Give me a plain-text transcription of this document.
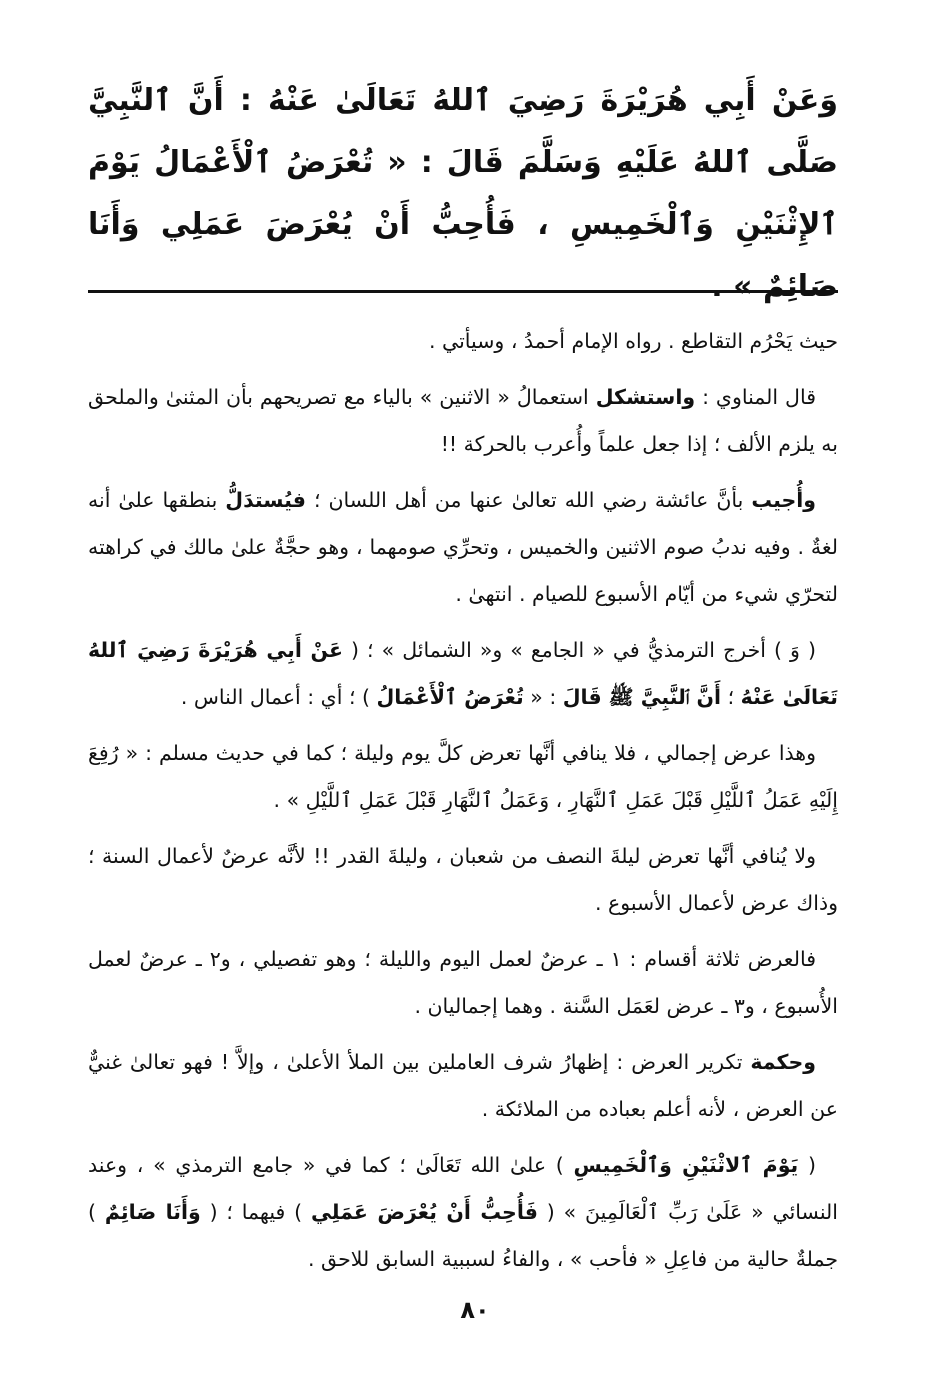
وَعَنْ أَبِي هُرَيْرَةَ رَضِيَ ٱللهُ تَعَالَىٰ عَنْهُ : أَنَّ ٱلنَّبِيَّ صَلَّى ٱللهُ عَلَيْهِ وَسَلَّمَ قَالَ : « تُعْرَضُ ٱلْأَعْمَالُ يَوْمَ ٱلإِثْنَيْنِ وَٱلْخَمِيسِ ، فَأُحِبُّ أَنْ يُعْرَضَ عَمَلِي وَأَنَا صَائِمٌ » .

حيث يَحْرُم التقاطع . رواه الإمام أحمدُ ، وسيأتي .

قال المناوي : واستشكل استعمالُ « الاثنين » بالياء مع تصريحهم بأن المثنىٰ والملحق به يلزم الألف ؛ إذا جعل علماً وأُعرب بالحركة !!

وأُجيب بأنَّ عائشة رضي الله تعالىٰ عنها من أهل اللسان ؛ فيُستدَلُّ بنطقها علىٰ أنه لغةٌ . وفيه ندبُ صوم الاثنين والخميس ، وتحرِّي صومهما ، وهو حجَّةٌ علىٰ مالك في كراهته لتحرّي شيء من أيّام الأسبوع للصيام . انتهىٰ .

( وَ ) أخرج الترمذيُّ في « الجامع » و« الشمائل » ؛ ( عَنْ أَبِي هُرَيْرَةَ رَضِيَ ٱللهُ تَعَالَىٰ عَنْهُ ؛ أَنَّ ٱلنَّبِيَّ ﷺ قَالَ : « تُعْرَضُ ٱلْأَعْمَالُ ) ؛ أي : أعمال الناس .

وهذا عرض إجمالي ، فلا ينافي أنَّها تعرض كلَّ يوم وليلة ؛ كما في حديث مسلم : « رُفِعَ إِلَيْهِ عَمَلُ ٱللَّيْلِ قَبْلَ عَمَلِ ٱلنَّهَارِ ، وَعَمَلُ ٱلنَّهَارِ قَبْلَ عَمَلِ ٱللَّيْلِ » .

ولا يُنافي أنَّها تعرض ليلةَ النصف من شعبان ، وليلةَ القدر !! لأنَّه عرضٌ لأعمال السنة ؛ وذاك عرض لأعمال الأسبوع .

فالعرض ثلاثة أقسام : ١ ـ عرضٌ لعمل اليوم والليلة ؛ وهو تفصيلي ، و٢ ـ عرضٌ لعمل الأُسبوع ، و٣ ـ عرض لعَمَل السَّنة . وهما إجماليان .

وحكمة تكرير العرض : إظهارُ شرف العاملين بين الملأ الأعلىٰ ، وإلاَّ ! فهو تعالىٰ غنيٌّ عن العرض ، لأنه أعلم بعباده من الملائكة .

( يَوْمَ ٱلاثْنَيْنِ وَٱلْخَمِيسِ ) علىٰ الله تَعَالَىٰ ؛ كما في « جامع الترمذي » ، وعند النسائي « عَلَىٰ رَبِّ ٱلْعَالَمِينَ » ( فَأُحِبُّ أَنْ يُعْرَضَ عَمَلِي ) فيهما ؛ ( وَأَنَا صَائِمٌ ) جملةٌ حالية من فاعِلِ « فأحب » ، والفاءُ لسببية السابق للاحق .

٨٠
